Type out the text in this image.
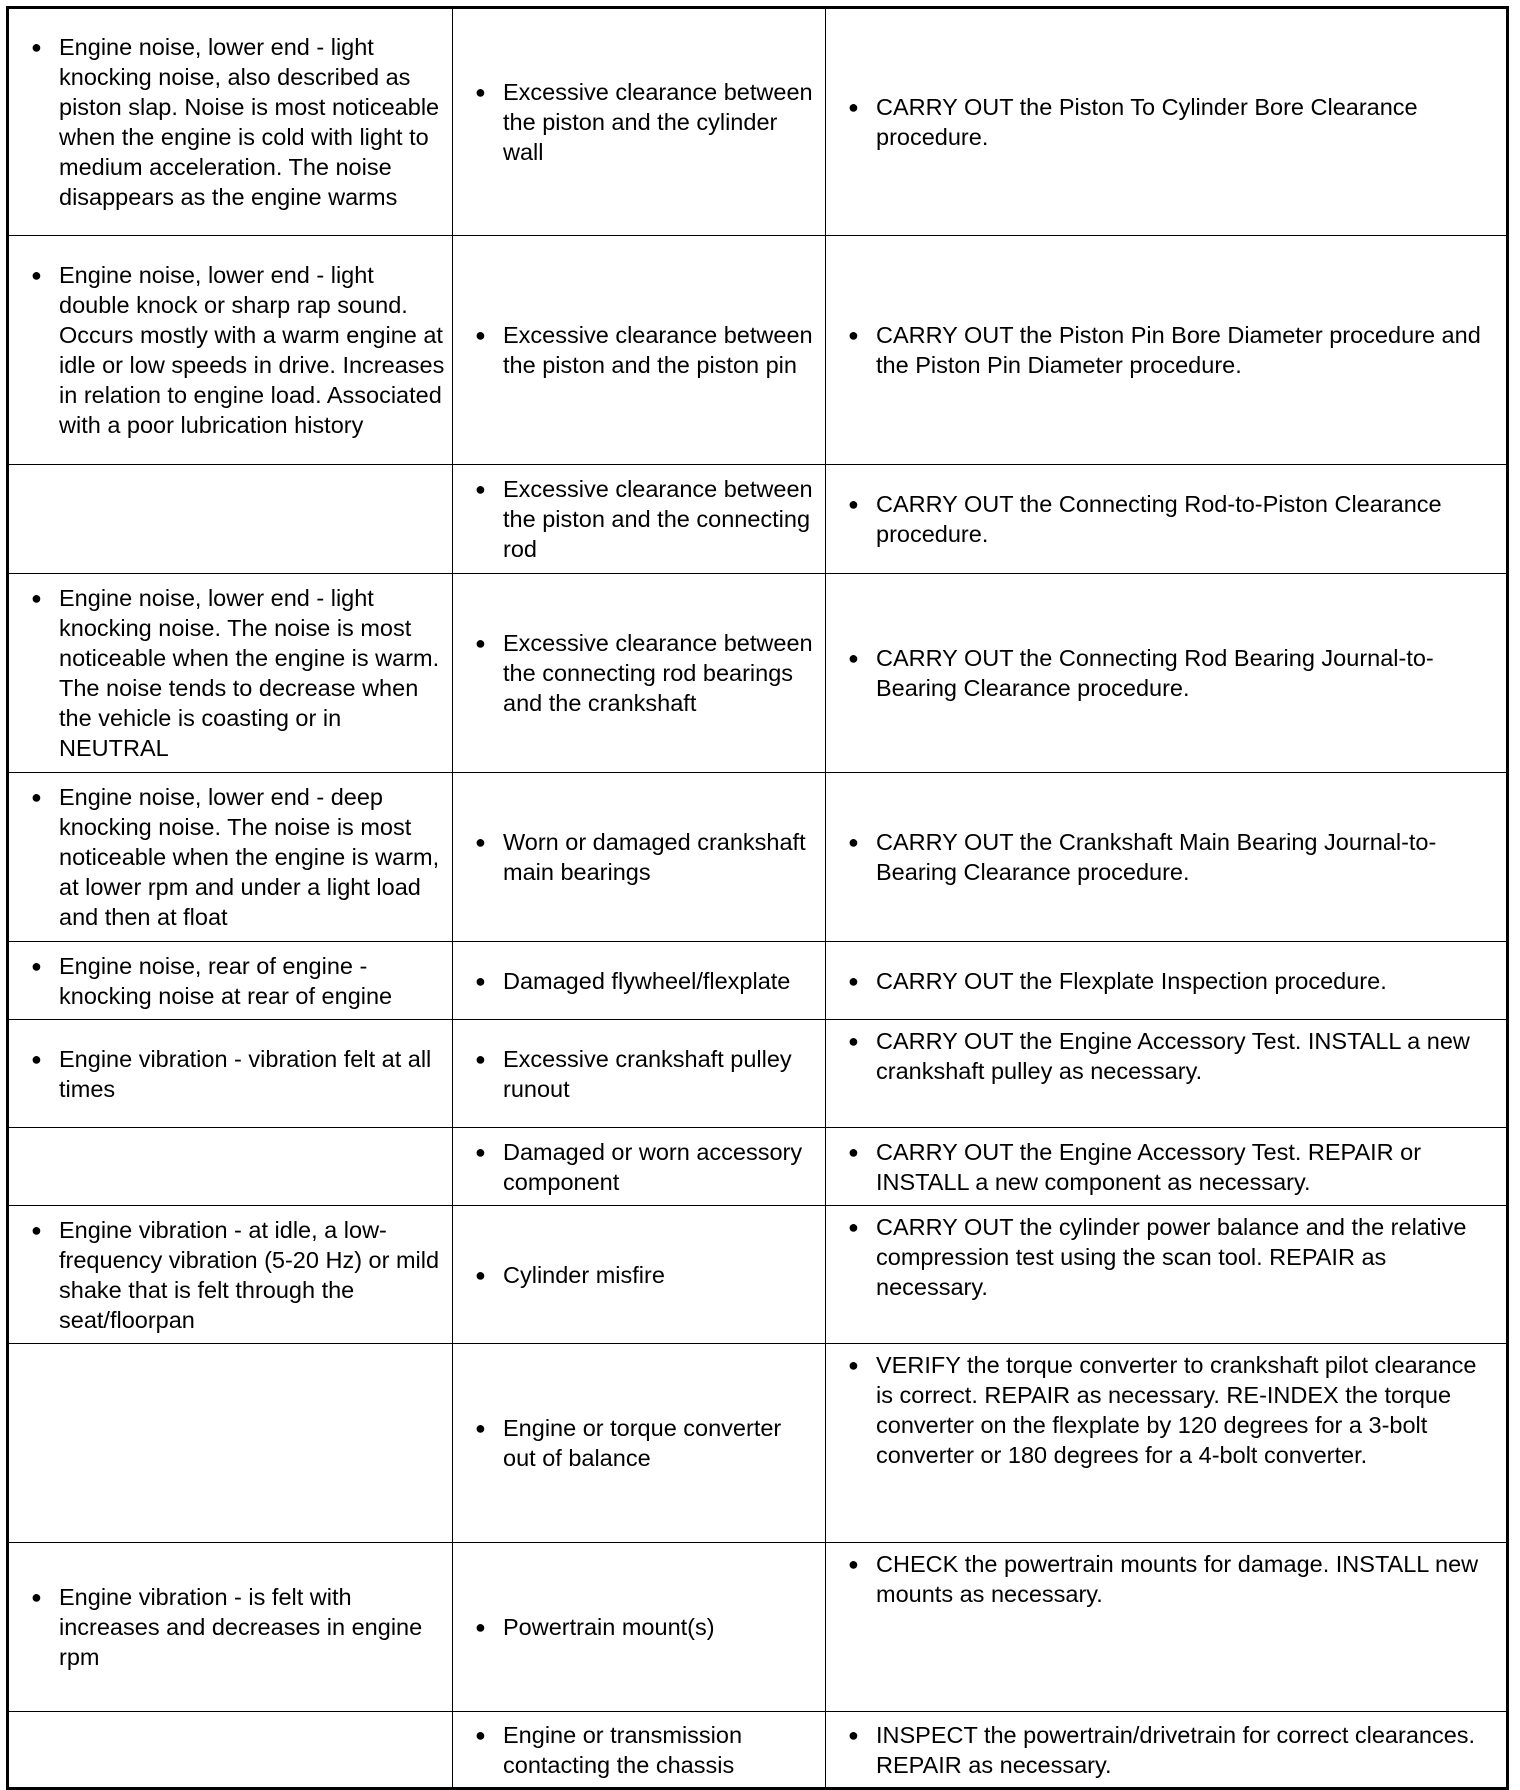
● Engine noise, lower end - light knocking noise, also described as piston slap. Noise is most noticeable when the engine is cold with light to medium acceleration. The noise disappears as the engine warms	● Excessive clearance between the piston and the cylinder wall	● CARRY OUT the Piston To Cylinder Bore Clearance procedure.

● Engine noise, lower end - light double knock or sharp rap sound. Occurs mostly with a warm engine at idle or low speeds in drive. Increases in relation to engine load. Associated with a poor lubrication history	● Excessive clearance between the piston and the piston pin	● CARRY OUT the Piston Pin Bore Diameter procedure and the Piston Pin Diameter procedure.

	● Excessive clearance between the piston and the connecting rod	● CARRY OUT the Connecting Rod-to-Piston Clearance procedure.

● Engine noise, lower end - light knocking noise. The noise is most noticeable when the engine is warm. The noise tends to decrease when the vehicle is coasting or in NEUTRAL	● Excessive clearance between the connecting rod bearings and the crankshaft	● CARRY OUT the Connecting Rod Bearing Journal-to-Bearing Clearance procedure.

● Engine noise, lower end - deep knocking noise. The noise is most noticeable when the engine is warm, at lower rpm and under a light load and then at float	● Worn or damaged crankshaft main bearings	● CARRY OUT the Crankshaft Main Bearing Journal-to-Bearing Clearance procedure.

● Engine noise, rear of engine - knocking noise at rear of engine	● Damaged flywheel/flexplate	● CARRY OUT the Flexplate Inspection procedure.

● Engine vibration - vibration felt at all times	● Excessive crankshaft pulley runout	● CARRY OUT the Engine Accessory Test. INSTALL a new crankshaft pulley as necessary.

	● Damaged or worn accessory component	● CARRY OUT the Engine Accessory Test. REPAIR or INSTALL a new component as necessary.

● Engine vibration - at idle, a low-frequency vibration (5-20 Hz) or mild shake that is felt through the seat/floorpan	● Cylinder misfire	● CARRY OUT the cylinder power balance and the relative compression test using the scan tool. REPAIR as necessary.

	● Engine or torque converter out of balance	● VERIFY the torque converter to crankshaft pilot clearance is correct. REPAIR as necessary. RE-INDEX the torque converter on the flexplate by 120 degrees for a 3-bolt converter or 180 degrees for a 4-bolt converter.

● Engine vibration - is felt with increases and decreases in engine rpm	● Powertrain mount(s)	● CHECK the powertrain mounts for damage. INSTALL new mounts as necessary.

	● Engine or transmission contacting the chassis	● INSPECT the powertrain/drivetrain for correct clearances. REPAIR as necessary.
